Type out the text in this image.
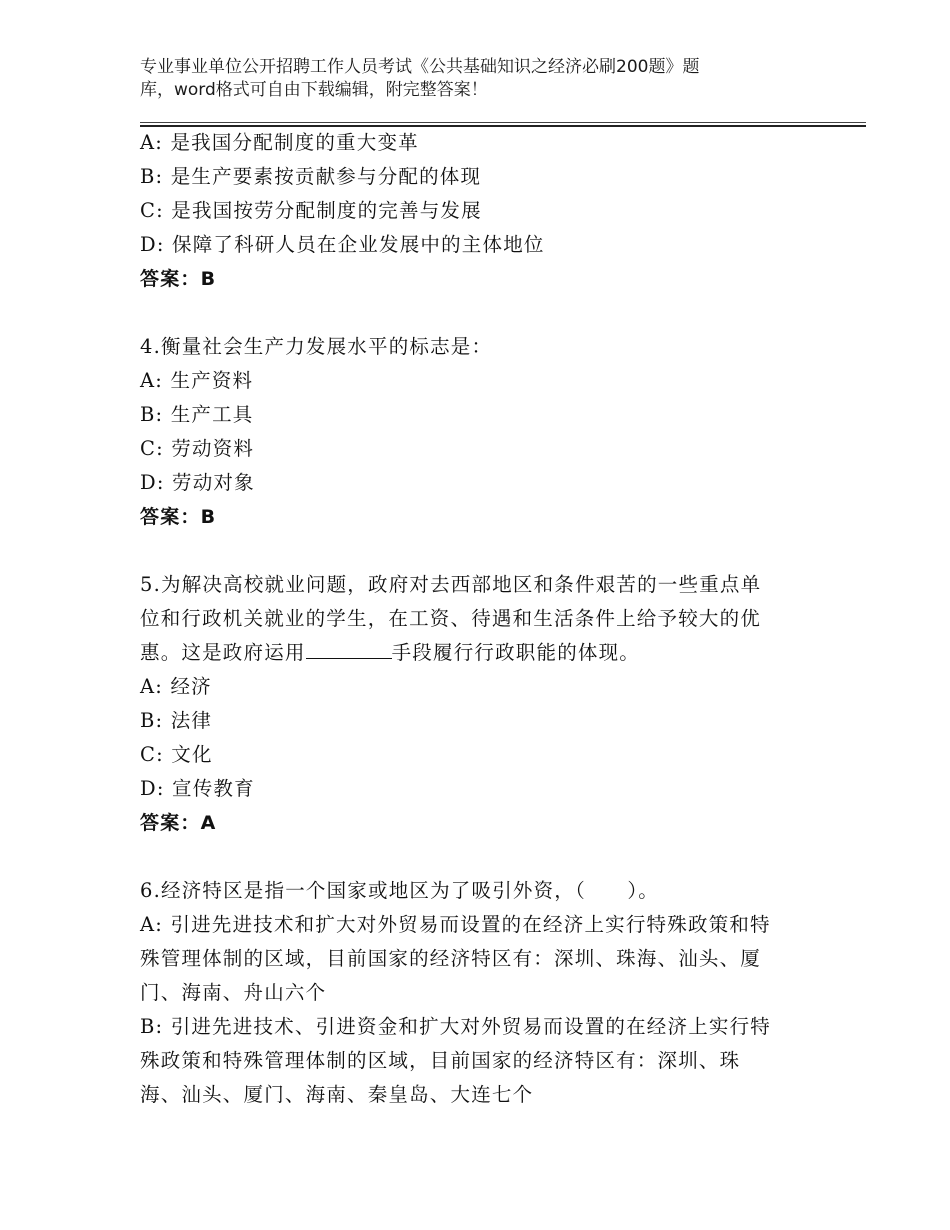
专业事业单位公开招聘工作人员考试《公共基础知识之经济必刷200题》题
库，word格式可自由下载编辑，附完整答案！
A: 是我国分配制度的重大变革
B: 是生产要素按贡献参与分配的体现
C: 是我国按劳分配制度的完善与发展
D: 保障了科研人员在企业发展中的主体地位
答案：B
4.衡量社会生产力发展水平的标志是：
A: 生产资料
B: 生产工具
C: 劳动资料
D: 劳动对象
答案：B
5.为解决高校就业问题，政府对去西部地区和条件艰苦的一些重点单
位和行政机关就业的学生，在工资、待遇和生活条件上给予较大的优
惠。这是政府运用	手段履行行政职能的体现。
A: 经济
B: 法律
C: 文化
D: 宣传教育
答案：A
6.经济特区是指一个国家或地区为了吸引外资，（　　）。
A: 引进先进技术和扩大对外贸易而设置的在经济上实行特殊政策和特
殊管理体制的区域，目前国家的经济特区有：深圳、珠海、汕头、厦
门、海南、舟山六个
B: 引进先进技术、引进资金和扩大对外贸易而设置的在经济上实行特
殊政策和特殊管理体制的区域，目前国家的经济特区有：深圳、珠
海、汕头、厦门、海南、秦皇岛、大连七个
